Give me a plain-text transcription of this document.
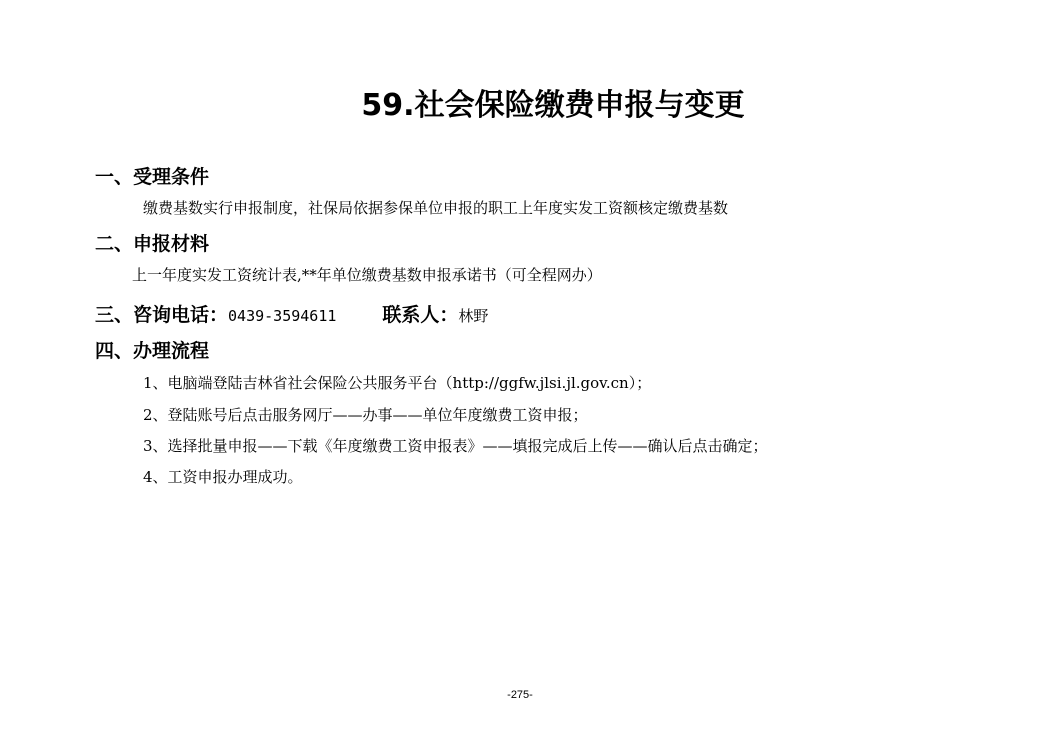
59.社会保险缴费申报与变更
一、受理条件
缴费基数实行申报制度，社保局依据参保单位申报的职工上年度实发工资额核定缴费基数
二、申报材料
上一年度实发工资统计表,**年单位缴费基数申报承诺书（可全程网办）
三、咨询电话：0439-3594611 联系人：林野
四、办理流程
1、电脑端登陆吉林省社会保险公共服务平台（http://ggfw.jlsi.jl.gov.cn）；
2、登陆账号后点击服务网厅——办事——单位年度缴费工资申报；
3、选择批量申报——下载《年度缴费工资申报表》——填报完成后上传——确认后点击确定；
4、工资申报办理成功。
-275-
